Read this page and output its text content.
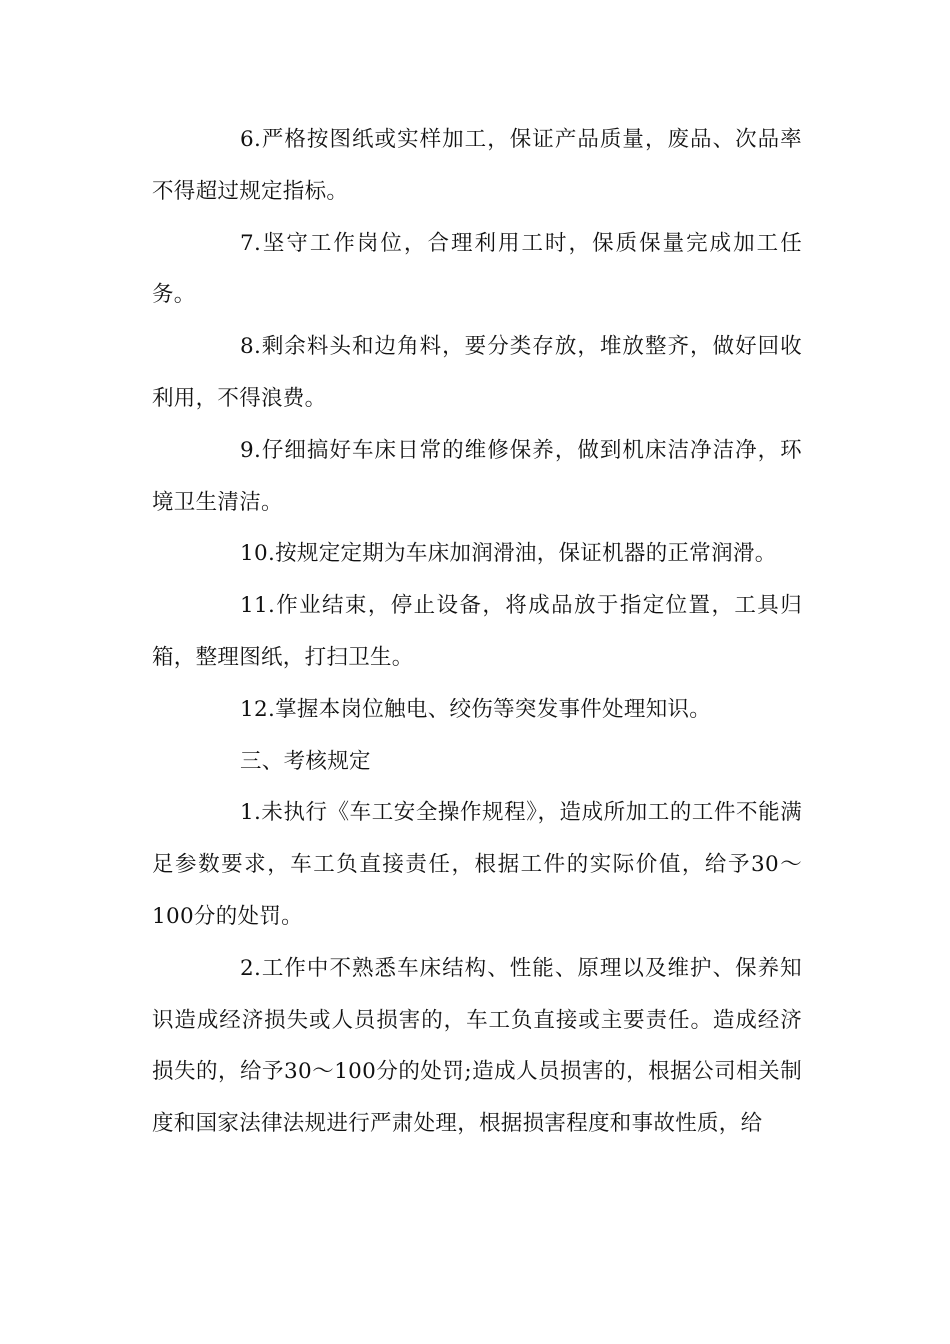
6.严格按图纸或实样加工，保证产品质量，废品、次品率不得超过规定指标。

7.坚守工作岗位，合理利用工时，保质保量完成加工任务。

8.剩余料头和边角料，要分类存放，堆放整齐，做好回收利用，不得浪费。

9.仔细搞好车床日常的维修保养，做到机床洁净洁净，环境卫生清洁。

10.按规定定期为车床加润滑油，保证机器的正常润滑。

11.作业结束，停止设备，将成品放于指定位置，工具归箱，整理图纸，打扫卫生。

12.掌握本岗位触电、绞伤等突发事件处理知识。

三、考核规定

1.未执行《车工安全操作规程》，造成所加工的工件不能满足参数要求，车工负直接责任，根据工件的实际价值，给予30～100分的处罚。

2.工作中不熟悉车床结构、性能、原理以及维护、保养知识造成经济损失或人员损害的，车工负直接或主要责任。造成经济损失的，给予30～100分的处罚;造成人员损害的，根据公司相关制度和国家法律法规进行严肃处理，根据损害程度和事故性质，给
